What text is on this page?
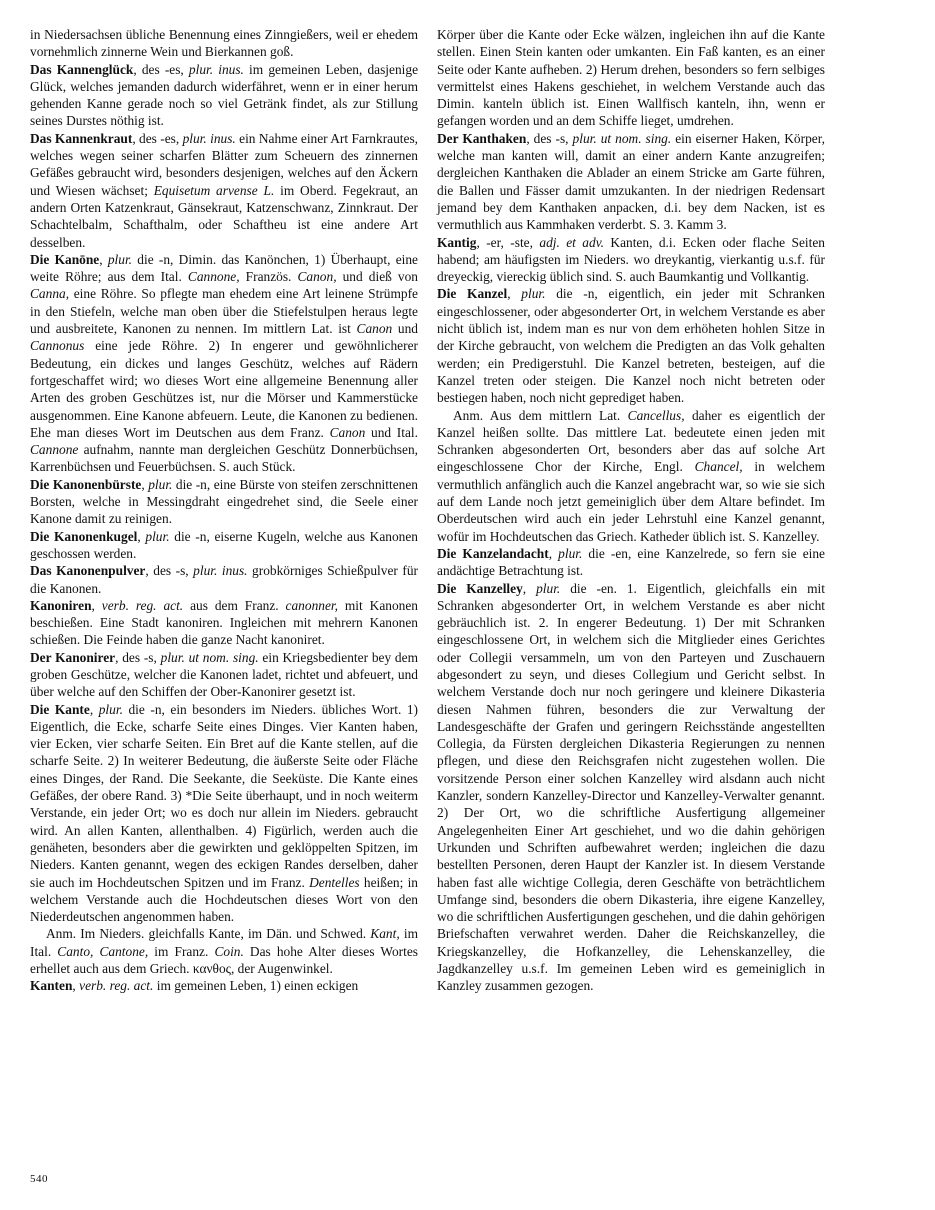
in Niedersachsen übliche Benennung eines Zinngießers, weil er ehedem vornehmlich zinnerne Wein und Bierkannen goß.

Das Kannenglück, des -es, plur. inus. im gemeinen Leben, dasjenige Glück, welches jemanden dadurch widerfähret, wenn er in einer herum gehenden Kanne gerade noch so viel Getränk findet, als zur Stillung seines Durstes nöthig ist.

Das Kannenkraut, des -es, plur. inus. ein Nahme einer Art Farnkrautes, welches wegen seiner scharfen Blätter zum Scheuern des zinnernen Gefäßes gebraucht wird, besonders desjenigen, welches auf den Äckern und Wiesen wächset; Equisetum arvense L. im Oberd. Fegekraut, an andern Orten Katzenkraut, Gänsekraut, Katzenschwanz, Zinnkraut. Der Schachtelbalm, Schafthalm, oder Schaftheu ist eine andere Art desselben.

Die Kanōne, plur. die -n, Dimin. das Kanönchen, 1) Überhaupt, eine weite Röhre; aus dem Ital. Cannone, Französ. Canon, und dieß von Canna, eine Röhre. So pflegte man ehedem eine Art leinene Strümpfe in den Stiefeln, welche man oben über die Stiefelstulpen heraus legte und ausbreitete, Kanonen zu nennen. Im mittlern Lat. ist Canon und Cannonus eine jede Röhre. 2) In engerer und gewöhnlicherer Bedeutung, ein dickes und langes Geschütz, welches auf Rädern fortgeschaffet wird; wo dieses Wort eine allgemeine Benennung aller Arten des groben Geschützes ist, nur die Mörser und Kammerstücke ausgenommen. Eine Kanone abfeuern. Leute, die Kanonen zu bedienen. Ehe man dieses Wort im Deutschen aus dem Franz. Canon und Ital. Cannone aufnahm, nannte man dergleichen Geschütz Donnerbüchsen, Karrenbüchsen und Feuerbüchsen. S. auch Stück.

Die Kanonenbürste, plur. die -n, eine Bürste von steifen zerschnittenen Borsten, welche in Messingdraht eingedrehet sind, die Seele einer Kanone damit zu reinigen.

Die Kanonenkugel, plur. die -n, eiserne Kugeln, welche aus Kanonen geschossen werden.

Das Kanonenpulver, des -s, plur. inus. grobkörniges Schießpulver für die Kanonen.

Kanoniren, verb. reg. act. aus dem Franz. canonner, mit Kanonen beschießen. Eine Stadt kanoniren. Ingleichen mit mehrern Kanonen schießen. Die Feinde haben die ganze Nacht kanoniret.

Der Kanonirer, des -s, plur. ut nom. sing. ein Kriegsbedienter bey dem groben Geschütze, welcher die Kanonen ladet, richtet und abfeuert, und über welche auf den Schiffen der Ober-Kanonirer gesetzt ist.

Die Kante, plur. die -n, ein besonders im Nieders. übliches Wort. 1) Eigentlich, die Ecke, scharfe Seite eines Dinges. Vier Kanten haben, vier Ecken, vier scharfe Seiten. Ein Bret auf die Kante stellen, auf die scharfe Seite. 2) In weiterer Bedeutung, die äußerste Seite oder Fläche eines Dinges, der Rand. Die Seekante, die Seeküste. Die Kante eines Gefäßes, der obere Rand. 3) *Die Seite überhaupt, und in noch weiterm Verstande, ein jeder Ort; wo es doch nur allein im Nieders. gebraucht wird. An allen Kanten, allenthalben. 4) Figürlich, werden auch die genäheten, besonders aber die gewirkten und geklöppelten Spitzen, im Nieders. Kanten genannt, wegen des eckigen Randes derselben, daher sie auch im Hochdeutschen Spitzen und im Franz. Dentelles heißen; in welchem Verstande auch die Hochdeutschen dieses Wort von den Niederdeutschen angenommen haben.

Anm. Im Nieders. gleichfalls Kante, im Dän. und Schwed. Kant, im Ital. Canto, Cantone, im Franz. Coin. Das hohe Alter dieses Wortes erhellet auch aus dem Griech. κανθος, der Augenwinkel.

Kanten, verb. reg. act. im gemeinen Leben, 1) einen eckigen

Körper über die Kante oder Ecke wälzen, ingleichen ihn auf die Kante stellen. Einen Stein kanten oder umkanten. Ein Faß kanten, es an einer Seite oder Kante aufheben. 2) Herum drehen, besonders so fern selbiges vermittelst eines Hakens geschiehet, in welchem Verstande auch das Dimin. kanteln üblich ist. Einen Wallfisch kanteln, ihn, wenn er gefangen worden und an dem Schiffe lieget, umdrehen.

Der Kanthaken, des -s, plur. ut nom. sing. ein eiserner Haken, Körper, welche man kanten will, damit an einer andern Kante anzugreifen; dergleichen Kanthaken die Ablader an einem Stricke am Garte führen, die Ballen und Fässer damit umzukanten. In der niedrigen Redensart jemand bey dem Kanthaken anpacken, d.i. bey dem Nacken, ist es vermuthlich aus Kammhaken verderbt. S. 3. Kamm 3.

Kantig, -er, -ste, adj. et adv. Kanten, d.i. Ecken oder flache Seiten habend; am häufigsten im Nieders. wo dreykantig, vierkantig u.s.f. für dreyeckig, viereckig üblich sind. S. auch Baumkantig und Vollkantig.

Die Kanzel, plur. die -n, eigentlich, ein jeder mit Schranken eingeschlossener, oder abgesonderter Ort, in welchem Verstande es aber nicht üblich ist, indem man es nur von dem erhöheten hohlen Sitze in der Kirche gebraucht, von welchem die Predigten an das Volk gehalten werden; ein Predigerstuhl. Die Kanzel betreten, besteigen, auf die Kanzel treten oder steigen. Die Kanzel noch nicht betreten oder bestiegen haben, noch nicht geprediget haben.

Anm. Aus dem mittlern Lat. Cancellus, daher es eigentlich der Kanzel heißen sollte. Das mittlere Lat. bedeutete einen jeden mit Schranken abgesonderten Ort, besonders aber das auf solche Art eingeschlossene Chor der Kirche, Engl. Chancel, in welchem vermuthlich anfänglich auch die Kanzel angebracht war, so wie sie sich auf dem Lande noch jetzt gemeiniglich über dem Altare befindet. Im Oberdeutschen wird auch ein jeder Lehrstuhl eine Kanzel genannt, wofür im Hochdeutschen das Griech. Katheder üblich ist. S. Kanzelley.

Die Kanzelandacht, plur. die -en, eine Kanzelrede, so fern sie eine andächtige Betrachtung ist.

Die Kanzelley, plur. die -en. 1. Eigentlich, gleichfalls ein mit Schranken abgesonderter Ort, in welchem Verstande es aber nicht gebräuchlich ist. 2. In engerer Bedeutung. 1) Der mit Schranken eingeschlossene Ort, in welchem sich die Mitglieder eines Gerichtes oder Collegii versammeln, um von den Parteyen und Zuschauern abgesondert zu seyn, und dieses Collegium und Gericht selbst. In welchem Verstande doch nur noch geringere und kleinere Dikasteria diesen Nahmen führen, besonders die zur Verwaltung der Landesgeschäfte der Grafen und geringern Reichsstände angestellten Collegia, da Fürsten dergleichen Dikasteria Regierungen zu nennen pflegen, und diese den Reichsgrafen nicht zugestehen wollen. Die vorsitzende Person einer solchen Kanzelley wird alsdann auch nicht Kanzler, sondern Kanzelley-Director und Kanzelley-Verwalter genannt. 2) Der Ort, wo die schriftliche Ausfertigung allgemeiner Angelegenheiten Einer Art geschiehet, und wo die dahin gehörigen Urkunden und Schriften aufbewahret werden; ingleichen die dazu bestellten Personen, deren Haupt der Kanzler ist. In diesem Verstande haben fast alle wichtige Collegia, deren Geschäfte von beträchtlichem Umfange sind, besonders die obern Dikasteria, ihre eigene Kanzelley, wo die schriftlichen Ausfertigungen geschehen, und die dahin gehörigen Briefschaften verwahret werden. Daher die Reichskanzelley, die Kriegskanzelley, die Hofkanzelley, die Lehenskanzelley, die Jagdkanzelley u.s.f. Im gemeinen Leben wird es gemeiniglich in Kanzley zusammen gezogen.

540
